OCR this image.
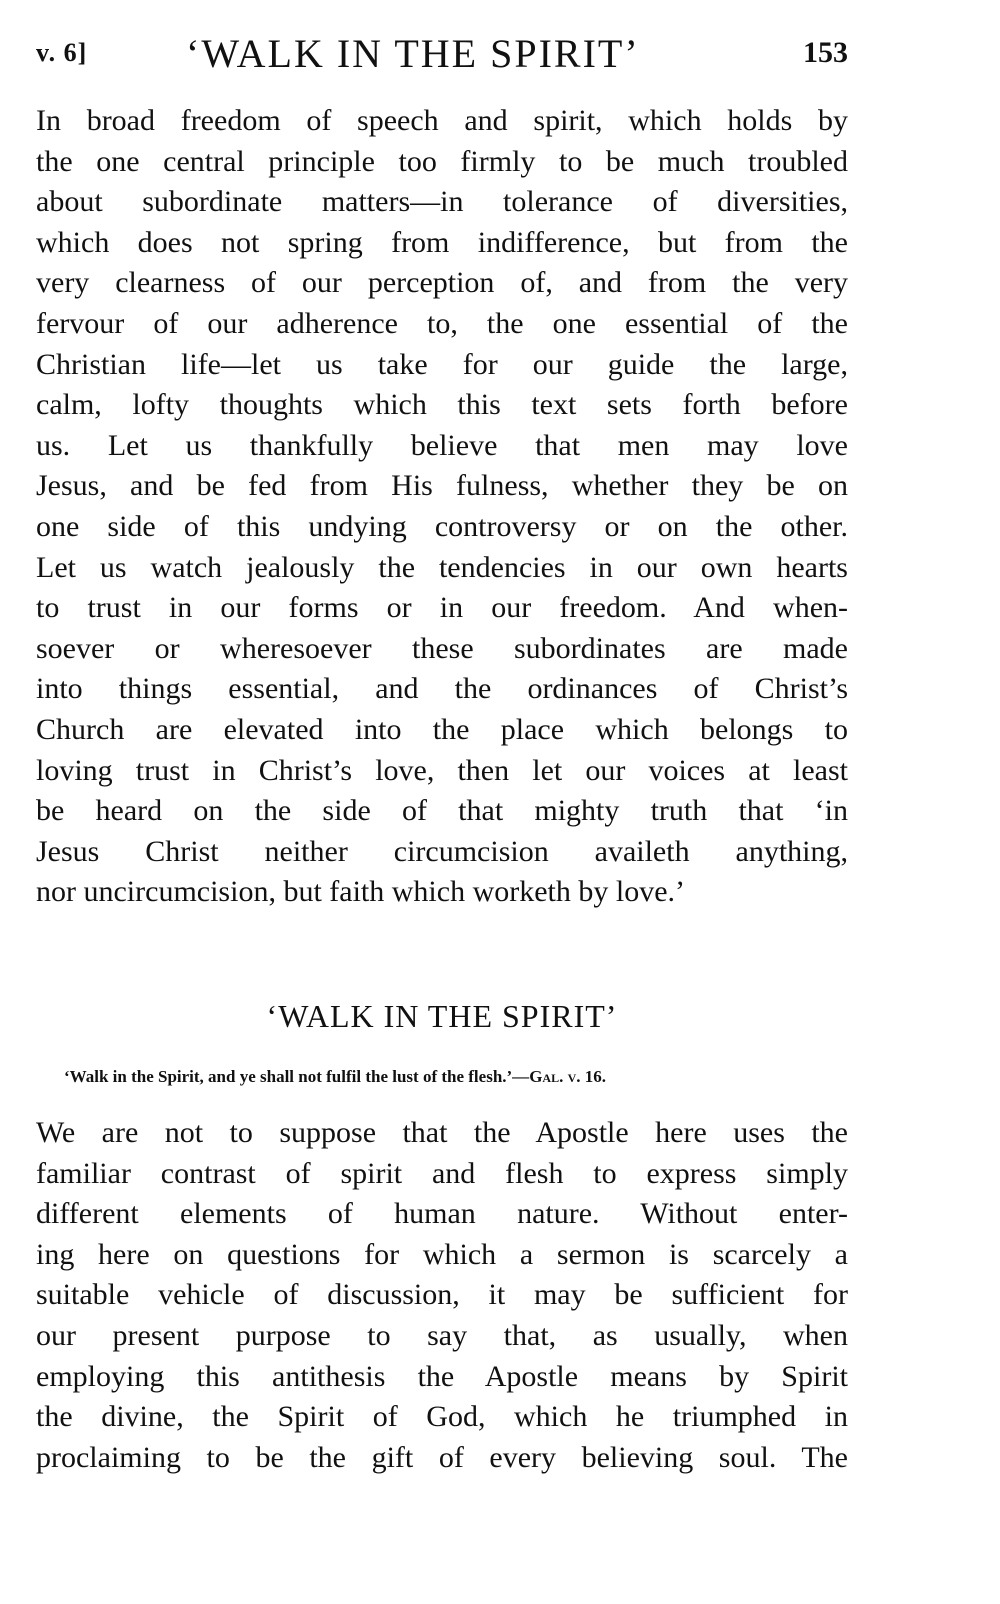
v. 6] ‘WALK IN THE SPIRIT’	153
In broad freedom of speech and spirit, which holds by
the one central principle too firmly to be much troubled
about subordinate matters—in tolerance of diversities,
which does not spring from indifference, but from the
very clearness of our perception of, and from the very
fervour of our adherence to, the one essential of the
Christian life—let us take for our guide the large,
calm, lofty thoughts which this text sets forth before
us. Let us thankfully believe that men may love
Jesus, and be fed from His fulness, whether they be on
one side of this undying controversy or on the other.
Let us watch jealously the tendencies in our own hearts
to trust in our forms or in our freedom. And when-
soever or wheresoever these subordinates are made
into things essential, and the ordinances of Christ’s
Church are elevated into the place which belongs to
loving trust in Christ’s love, then let our voices at least
be heard on the side of that mighty truth that ‘in
Jesus Christ neither circumcision availeth anything,
nor uncircumcision, but faith which worketh by love.’
‘WALK IN THE SPIRIT’
‘Walk in the Spirit, and ye shall not fulfil the lust of the flesh.’—Gal. v. 16.
We are not to suppose that the Apostle here uses the
familiar contrast of spirit and flesh to express simply
different elements of human nature. Without enter-
ing here on questions for which a sermon is scarcely a
suitable vehicle of discussion, it may be sufficient for
our present purpose to say that, as usually, when
employing this antithesis the Apostle means by Spirit
the divine, the Spirit of God, which he triumphed in
proclaiming to be the gift of every believing soul. The
